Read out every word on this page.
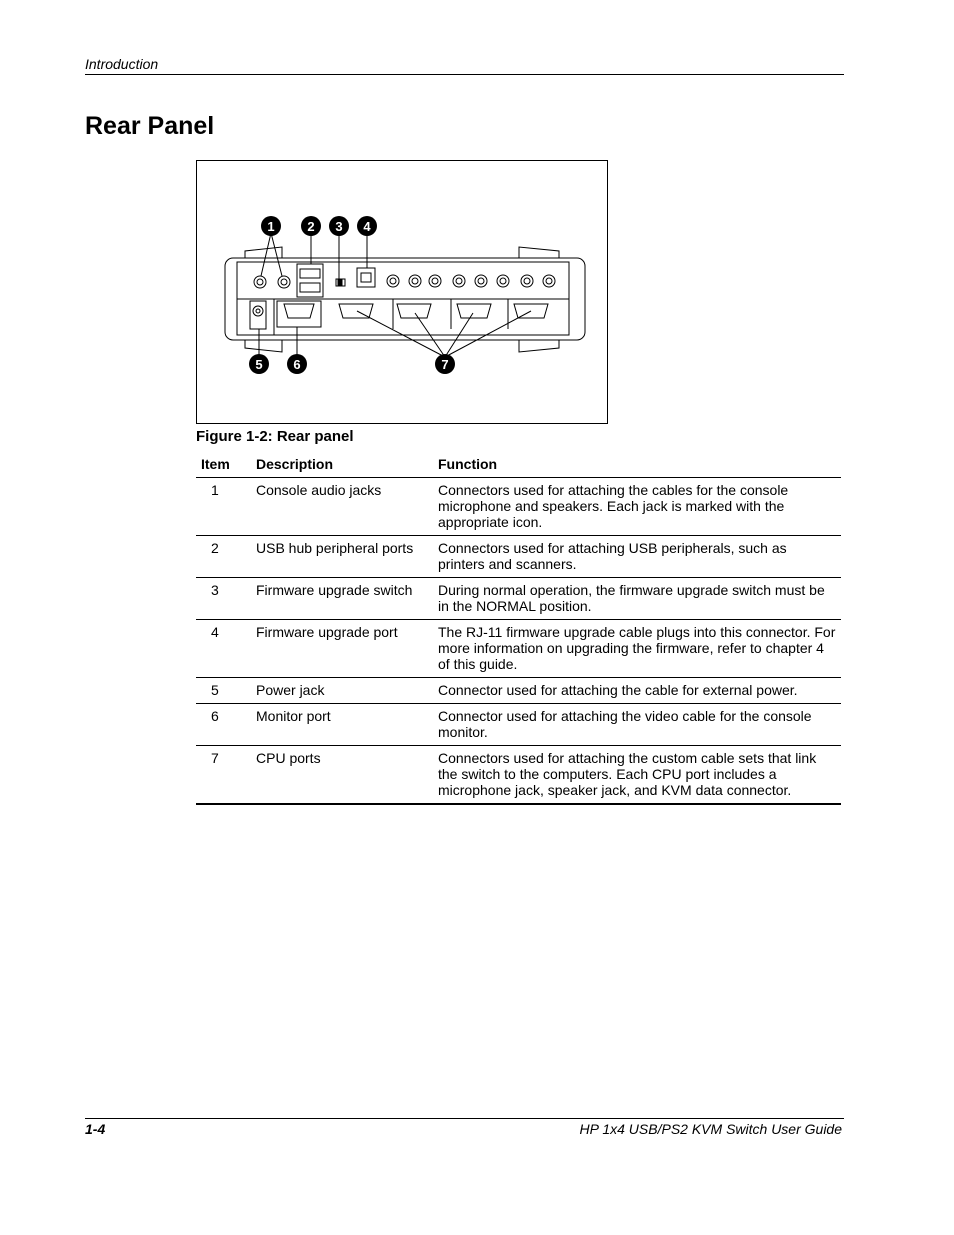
Introduction
Rear Panel
1	2 3 4
5 6	7
Figure 1-2: Rear panel
Item	Description	Function
1	Console audio jacks	Connectors used for attaching the cables for the console microphone and speakers. Each jack is marked with the appropriate icon.
2	USB hub peripheral ports	Connectors used for attaching USB peripherals, such as printers and scanners.
3	Firmware upgrade switch	During normal operation, the firmware upgrade switch must be in the NORMAL position.
4	Firmware upgrade port	The RJ-11 firmware upgrade cable plugs into this connector. For more information on upgrading the firmware, refer to chapter 4 of this guide.
5	Power jack	Connector used for attaching the cable for external power.
6	Monitor port	Connector used for attaching the video cable for the console monitor.
7	CPU ports	Connectors used for attaching the custom cable sets that link the switch to the computers. Each CPU port includes a microphone jack, speaker jack, and KVM data connector.
1-4	HP 1x4 USB/PS2 KVM Switch User Guide
